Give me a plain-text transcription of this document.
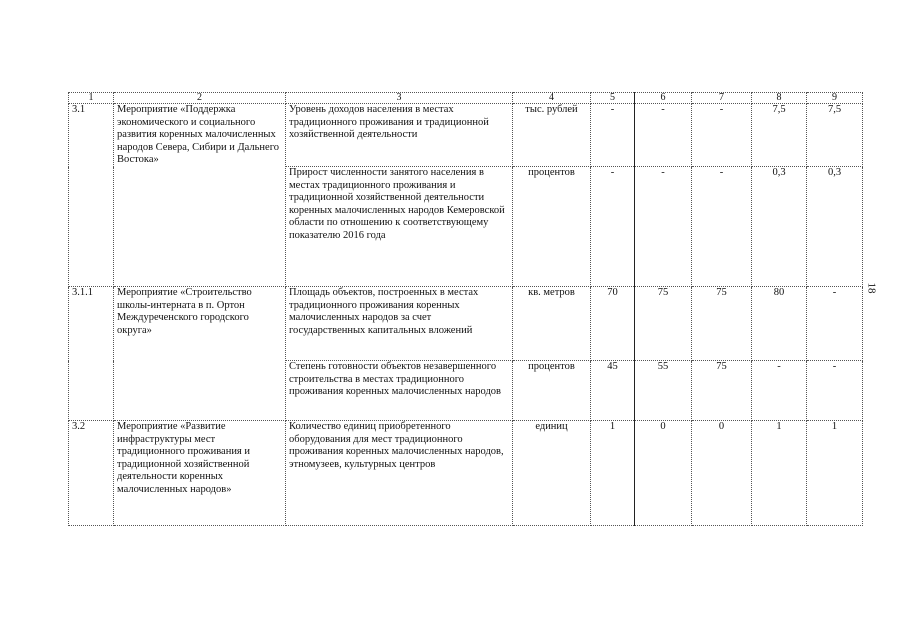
1	2	3	4	5	6	7	8	9
3.1	Мероприятие «Поддержка экономического и социального развития коренных малочисленных народов Севера, Сибири и Дальнего Востока»	Уровень доходов населения в местах традиционного проживания и традиционной хозяйственной деятельности	тыс. рублей	-	-	-	7,5	7,5
		Прирост численности занятого населения в местах традиционного проживания и традиционной хозяйственной деятельности коренных малочисленных народов Кемеровской области по отношению к соответствующему показателю 2016 года	процентов	-	-	-	0,3	0,3
3.1.1	Мероприятие «Строительство школы-интерната в п. Ортон Междуреченского городского округа»	Площадь объектов, построенных в местах традиционного проживания коренных малочисленных народов за счет государственных капитальных вложений	кв. метров	70	75	75	80	-
		Степень готовности объектов незавершенного строительства в местах традиционного проживания коренных малочисленных народов	процентов	45	55	75	-	-
3.2	Мероприятие «Развитие инфраструктуры мест традиционного проживания и традиционной хозяйственной деятельности коренных малочисленных народов»	Количество единиц приобретенного оборудования для мест традиционного проживания коренных малочисленных народов, этномузеев, культурных центров	единиц	1	0	0	1	1
18
